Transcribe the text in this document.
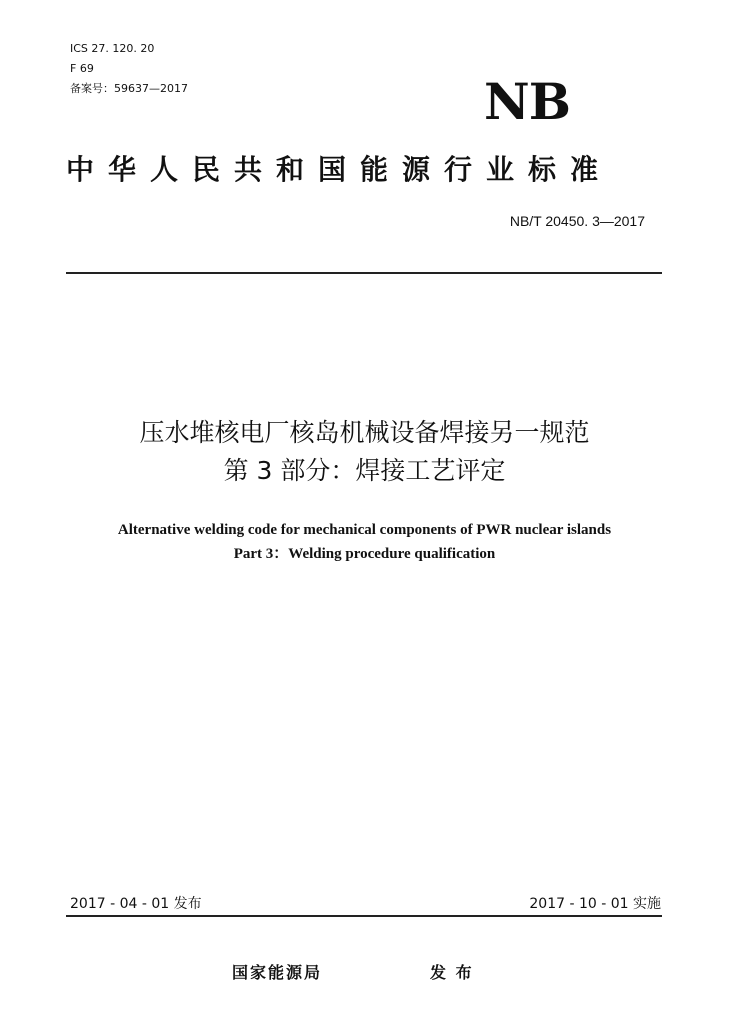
ICS 27. 120. 20
F 69
备案号：59637—2017	NB
中华人民共和国能源行业标准
NB/T 20450. 3—2017
压水堆核电厂核岛机械设备焊接另一规范
第 3 部分：焊接工艺评定
Alternative welding code for mechanical components of PWR nuclear islands
Part 3：Welding procedure qualification
2017 - 04 - 01 发布	2017 - 10 - 01 实施
国家能源局	发 布
